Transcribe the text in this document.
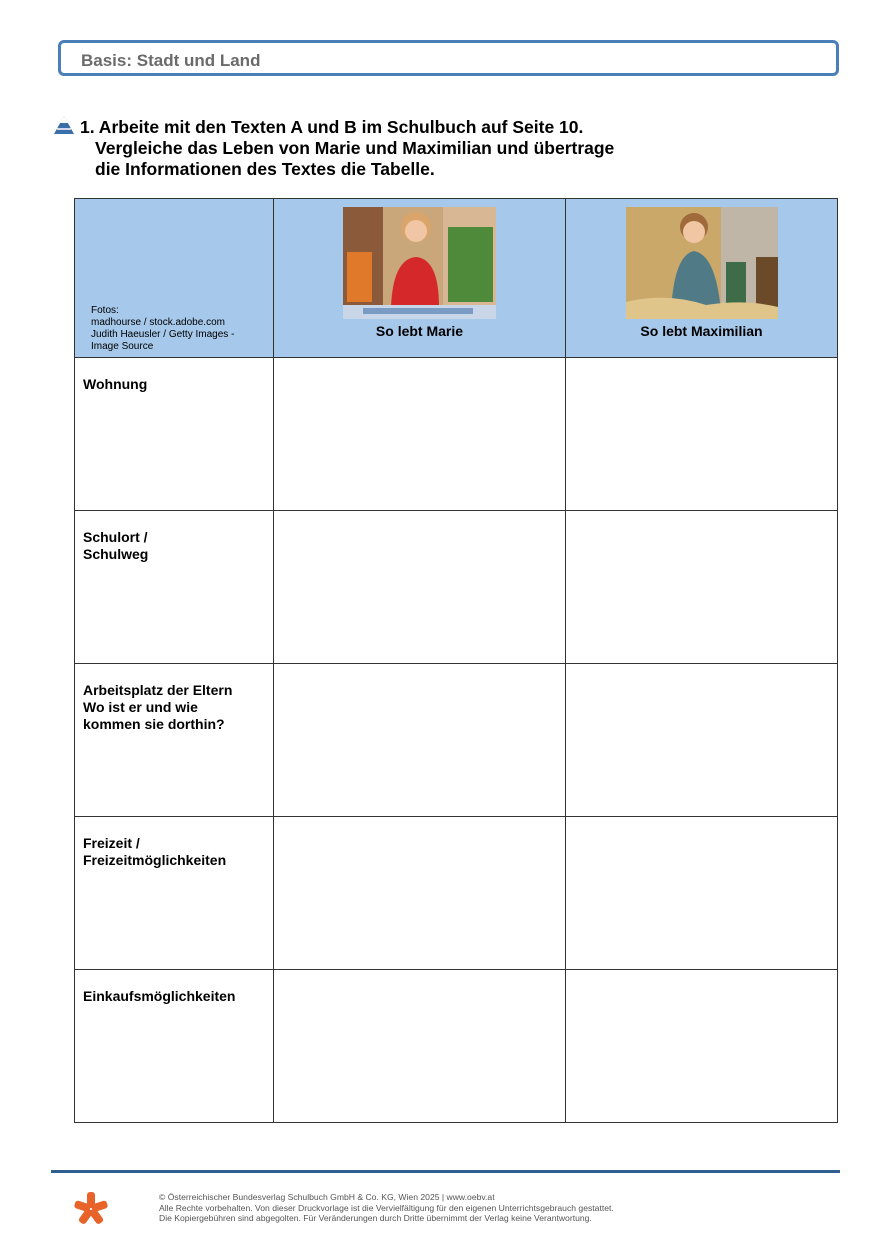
Basis: Stadt und Land
1. Arbeite mit den Texten A und B im Schulbuch auf Seite 10.
Vergleiche das Leben von Marie und Maximilian und übertrage
die Informationen des Textes die Tabelle.
Fotos:
madhourse / stock.adobe.com
Judith Haeusler / Getty Images -
Image Source	So lebt Marie	So lebt Maximilian

Wohnung		

Schulort /
Schulweg		

Arbeitsplatz der Eltern
Wo ist er und wie
kommen sie dorthin?		

Freizeit /
Freizeitmöglichkeiten		

Einkaufsmöglichkeiten		

© Österreichischer Bundesverlag Schulbuch GmbH & Co. KG, Wien 2025 | www.oebv.at
Alle Rechte vorbehalten. Von dieser Druckvorlage ist die Vervielfältigung für den eigenen Unterrichtsgebrauch gestattet.
Die Kopiergebühren sind abgegolten. Für Veränderungen durch Dritte übernimmt der Verlag keine Verantwortung.
